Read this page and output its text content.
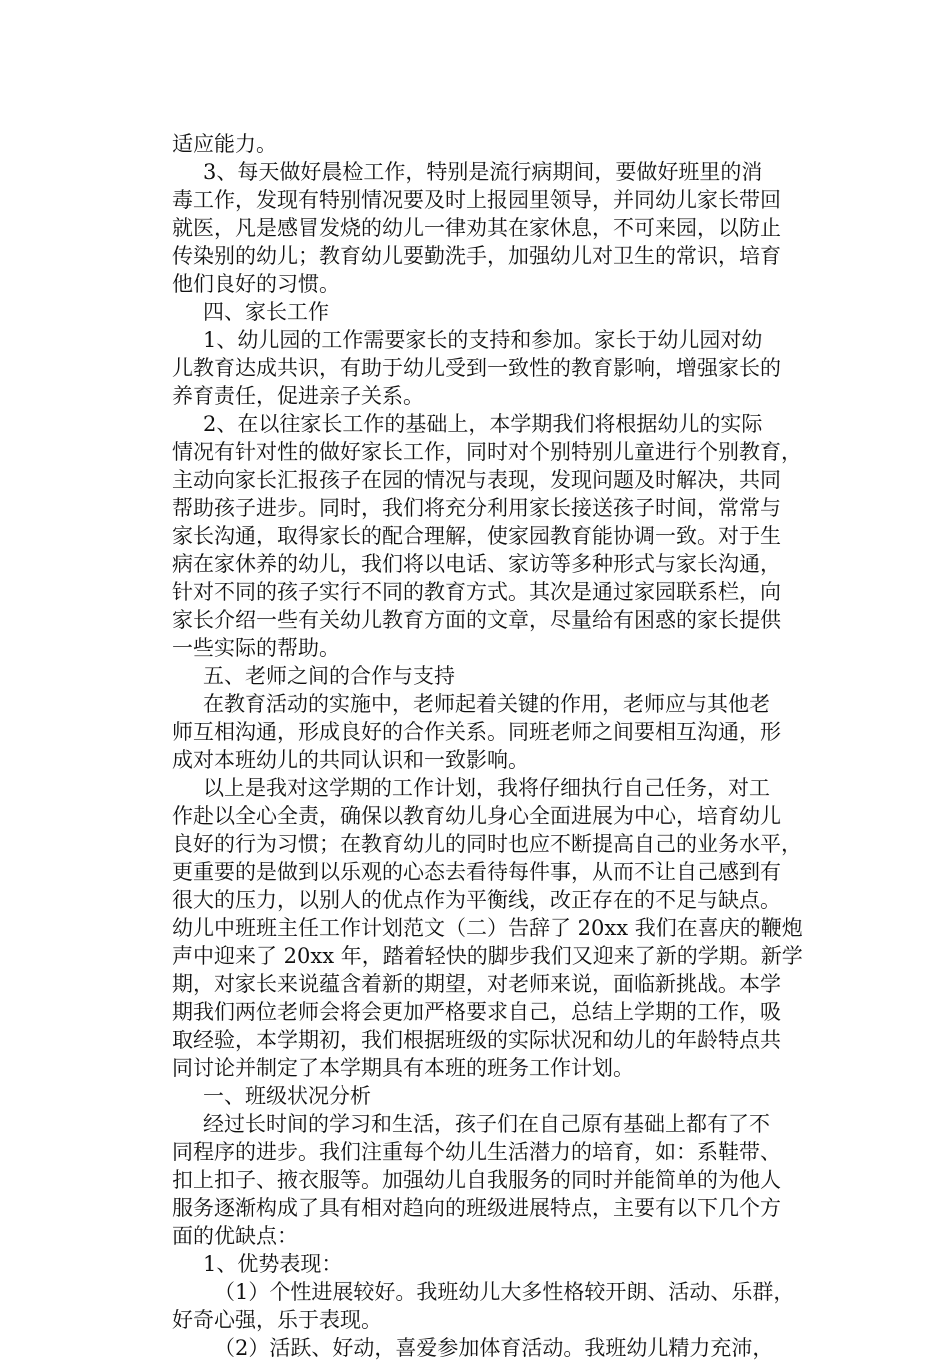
适应能力。
3、每天做好晨检工作，特别是流行病期间，要做好班里的消
毒工作，发现有特别情况要及时上报园里领导，并同幼儿家长带回
就医，凡是感冒发烧的幼儿一律劝其在家休息，不可来园，以防止
传染别的幼儿；教育幼儿要勤洗手，加强幼儿对卫生的常识，培育
他们良好的习惯。
四、家长工作
1、幼儿园的工作需要家长的支持和参加。家长于幼儿园对幼
儿教育达成共识，有助于幼儿受到一致性的教育影响，增强家长的
养育责任，促进亲子关系。
2、在以往家长工作的基础上，本学期我们将根据幼儿的实际
情况有针对性的做好家长工作，同时对个别特别儿童进行个别教育，
主动向家长汇报孩子在园的情况与表现，发现问题及时解决，共同
帮助孩子进步。同时，我们将充分利用家长接送孩子时间，常常与
家长沟通，取得家长的配合理解，使家园教育能协调一致。对于生
病在家休养的幼儿，我们将以电话、家访等多种形式与家长沟通，
针对不同的孩子实行不同的教育方式。其次是通过家园联系栏，向
家长介绍一些有关幼儿教育方面的文章，尽量给有困惑的家长提供
一些实际的帮助。
五、老师之间的合作与支持
在教育活动的实施中，老师起着关键的作用，老师应与其他老
师互相沟通，形成良好的合作关系。同班老师之间要相互沟通，形
成对本班幼儿的共同认识和一致影响。
以上是我对这学期的工作计划，我将仔细执行自己任务，对工
作赴以全心全责，确保以教育幼儿身心全面进展为中心，培育幼儿
良好的行为习惯；在教育幼儿的同时也应不断提高自己的业务水平，
更重要的是做到以乐观的心态去看待每件事，从而不让自己感到有
很大的压力，以别人的优点作为平衡线，改正存在的不足与缺点。
幼儿中班班主任工作计划范文（二）告辞了 20xx 我们在喜庆的鞭炮
声中迎来了 20xx 年，踏着轻快的脚步我们又迎来了新的学期。新学
期，对家长来说蕴含着新的期望，对老师来说，面临新挑战。本学
期我们两位老师会将会更加严格要求自己，总结上学期的工作，吸
取经验，本学期初，我们根据班级的实际状况和幼儿的年龄特点共
同讨论并制定了本学期具有本班的班务工作计划。
一、班级状况分析
经过长时间的学习和生活，孩子们在自己原有基础上都有了不
同程序的进步。我们注重每个幼儿生活潜力的培育，如：系鞋带、
扣上扣子、掖衣服等。加强幼儿自我服务的同时并能简单的为他人
服务逐渐构成了具有相对趋向的班级进展特点，主要有以下几个方
面的优缺点：
1、优势表现：
（1）个性进展较好。我班幼儿大多性格较开朗、活动、乐群，
好奇心强，乐于表现。
（2）活跃、好动，喜爱参加体育活动。我班幼儿精力充沛，
